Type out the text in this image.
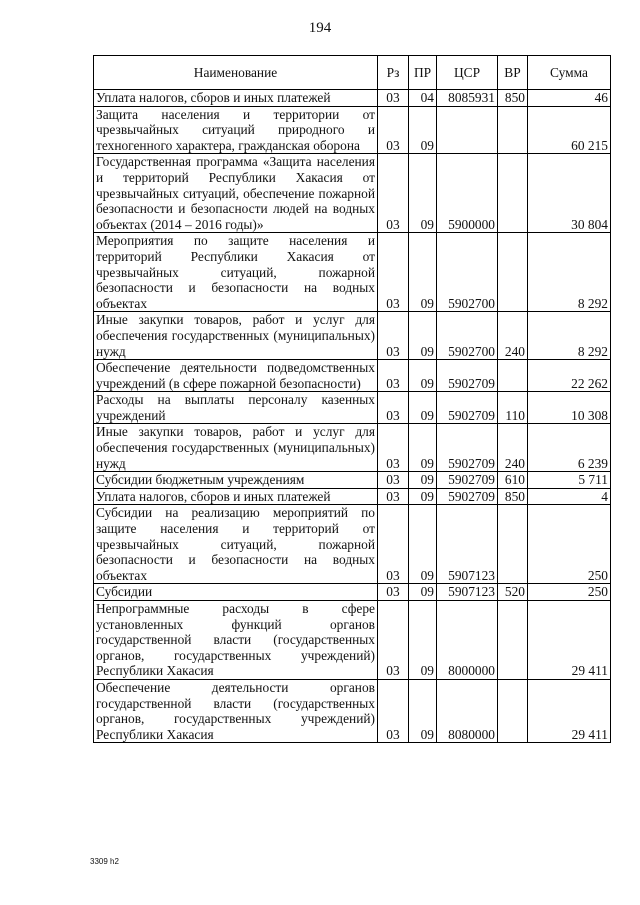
194
Наименование	Рз	ПР	ЦСР	ВР	Сумма
Уплата налогов, сборов и иных платежей	03	04	8085931	850	46
Защита населения и территории от чрезвычайных ситуаций природного и техногенного характера, гражданская оборона	03	09			60 215
Государственная программа «Защита населения и территорий Республики Хакасия от чрезвычайных ситуаций, обеспечение пожарной безопасности и безопасности людей на водных объектах (2014 – 2016 годы)»	03	09	5900000		30 804
Мероприятия по защите населения и территорий Республики Хакасия от чрезвычайных ситуаций, пожарной безопасности и безопасности на водных объектах	03	09	5902700		8 292
Иные закупки товаров, работ и услуг для обеспечения государственных (муниципальных) нужд	03	09	5902700	240	8 292
Обеспечение деятельности подведомственных учреждений (в сфере пожарной безопасности)	03	09	5902709		22 262
Расходы на выплаты персоналу казенных учреждений	03	09	5902709	110	10 308
Иные закупки товаров, работ и услуг для обеспечения государственных (муниципальных) нужд	03	09	5902709	240	6 239
Субсидии бюджетным учреждениям	03	09	5902709	610	5 711
Уплата налогов, сборов и иных платежей	03	09	5902709	850	4
Субсидии на реализацию мероприятий по защите населения и территорий от чрезвычайных ситуаций, пожарной безопасности и безопасности на водных объектах	03	09	5907123		250
Субсидии	03	09	5907123	520	250
Непрограммные расходы в сфере установленных функций органов государственной власти (государственных органов, государственных учреждений) Республики Хакасия	03	09	8000000		29 411
Обеспечение деятельности органов государственной власти (государственных органов, государственных учреждений) Республики Хакасия	03	09	8080000		29 411
3309 h2
